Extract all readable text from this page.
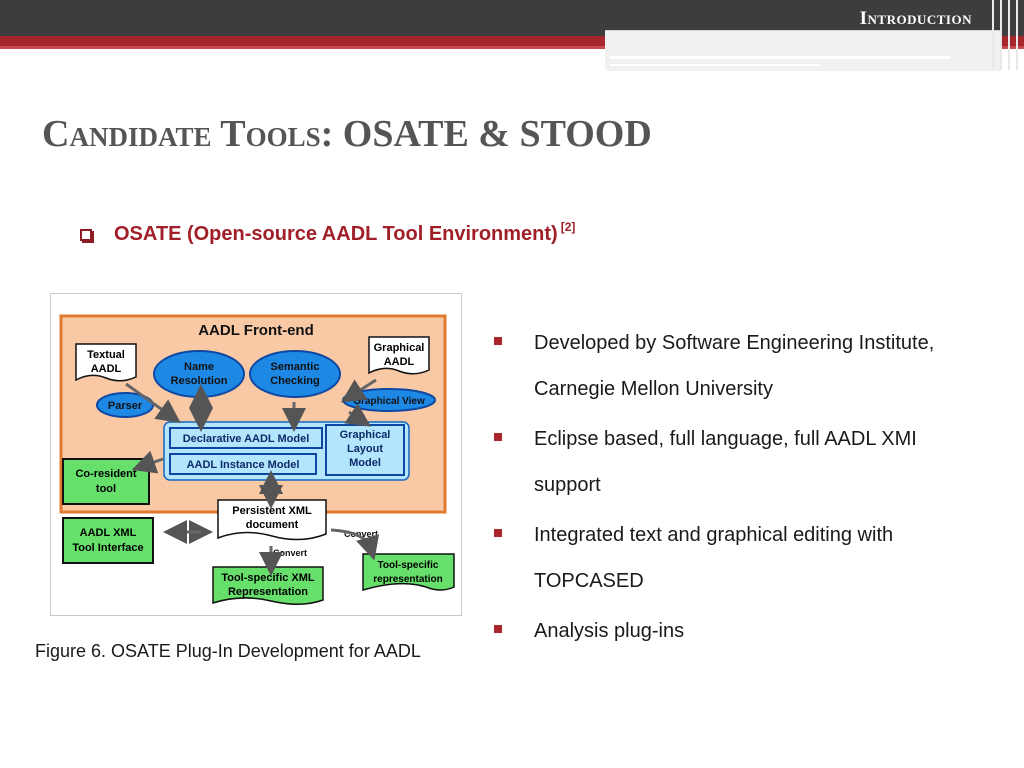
Introduction
Candidate Tools: OSATE & STOOD
OSATE (Open-source AADL Tool Environment) [2]
AADL Front-end
Textual
AADL	Name
Resolution
Semantic
Checking
Graphical
AADL
Parser	Graphical View
Declarative AADL Model
AADL Instance Model
Graphical
Layout
Model
Co-resident
tool
AADL XML
Tool Interface
Persistent XML
document
Tool-specific
representation
Tool-specific XML
Representation
Convert
Convert
Figure 6. OSATE Plug-In Development for AADL
Developed by Software Engineering Institute, Carnegie Mellon University
Eclipse based, full language, full AADL XMI support
Integrated text and graphical editing with TOPCASED
Analysis plug-ins
